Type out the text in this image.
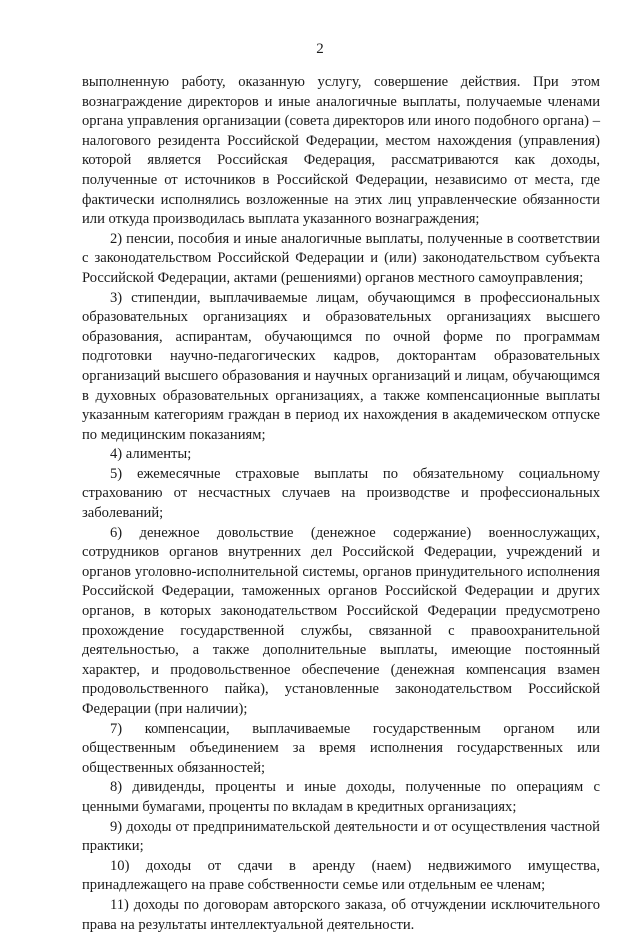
2

выполненную работу, оказанную услугу, совершение действия. При этом вознаграждение директоров и иные аналогичные выплаты, получаемые членами органа управления организации (совета директоров или иного подобного органа) – налогового резидента Российской Федерации, местом нахождения (управления) которой является Российская Федерация, рассматриваются как доходы, полученные от источников в Российской Федерации, независимо от места, где фактически исполнялись возложенные на этих лиц управленческие обязанности или откуда производилась выплата указанного вознаграждения;

2) пенсии, пособия и иные аналогичные выплаты, полученные в соответствии с законодательством Российской Федерации и (или) законодательством субъекта Российской Федерации, актами (решениями) органов местного самоуправления;

3) стипендии, выплачиваемые лицам, обучающимся в профессиональных образовательных организациях и образовательных организациях высшего образования, аспирантам, обучающимся по очной форме по программам подготовки научно-педагогических кадров, докторантам образовательных организаций высшего образования и научных организаций и лицам, обучающимся в духовных образовательных организациях, а также компенсационные выплаты указанным категориям граждан в период их нахождения в академическом отпуске по медицинским показаниям;

4) алименты;

5) ежемесячные страховые выплаты по обязательному социальному страхованию от несчастных случаев на производстве и профессиональных заболеваний;

6) денежное довольствие (денежное содержание) военнослужащих, сотрудников органов внутренних дел Российской Федерации, учреждений и органов уголовно-исполнительной системы, органов принудительного исполнения Российской Федерации, таможенных органов Российской Федерации и других органов, в которых законодательством Российской Федерации предусмотрено прохождение государственной службы, связанной с правоохранительной деятельностью, а также дополнительные выплаты, имеющие постоянный характер, и продовольственное обеспечение (денежная компенсация взамен продовольственного пайка), установленные законодательством Российской Федерации (при наличии);

7) компенсации, выплачиваемые государственным органом или общественным объединением за время исполнения государственных или общественных обязанностей;

8) дивиденды, проценты и иные доходы, полученные по операциям с ценными бумагами, проценты по вкладам в кредитных организациях;

9) доходы от предпринимательской деятельности и от осуществления частной практики;

10) доходы от сдачи в аренду (наем) недвижимого имущества, принадлежащего на праве собственности семье или отдельным ее членам;

11) доходы по договорам авторского заказа, об отчуждении исключительного права на результаты интеллектуальной деятельности.
